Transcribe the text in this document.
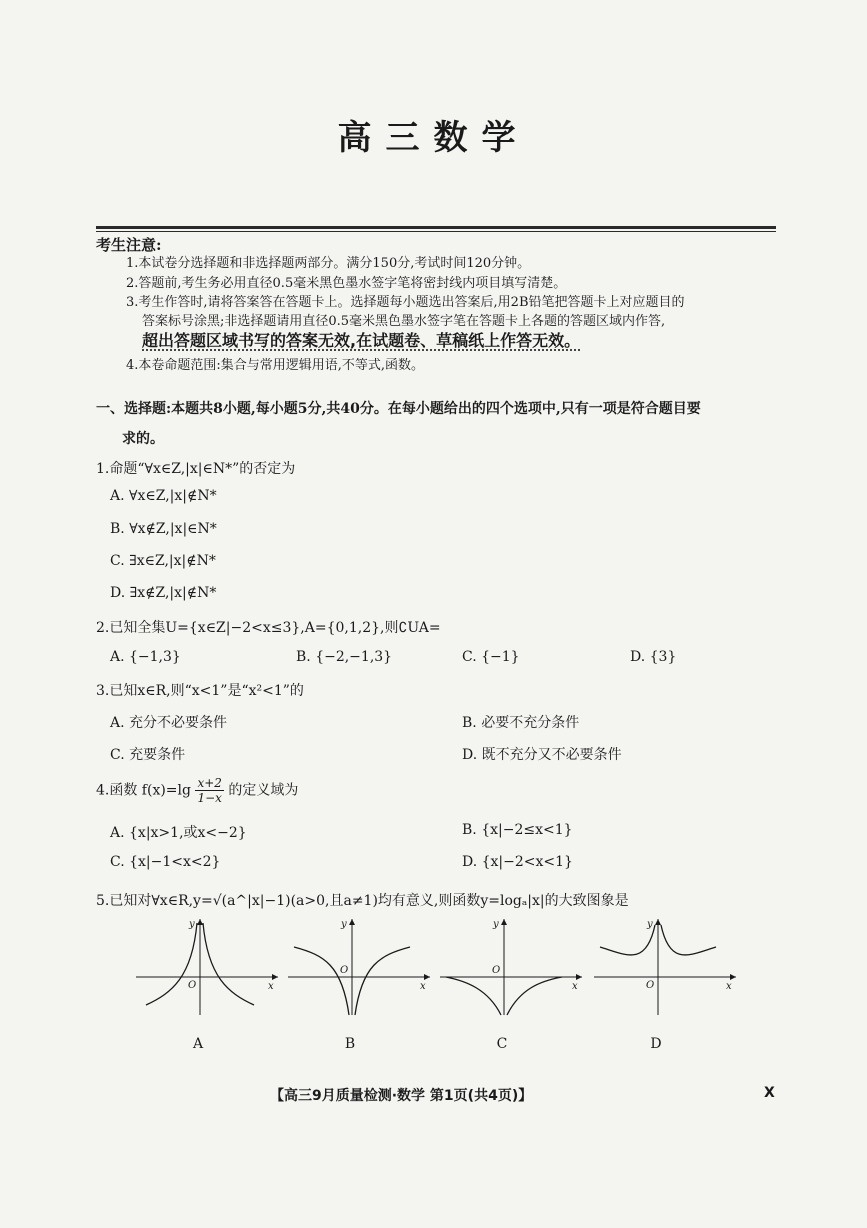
高三数学
考生注意:
1.本试卷分选择题和非选择题两部分。满分150分,考试时间120分钟。
2.答题前,考生务必用直径0.5毫米黑色墨水签字笔将密封线内项目填写清楚。
3.考生作答时,请将答案答在答题卡上。选择题每小题选出答案后,用2B铅笔把答题卡上对应题目的
答案标号涂黑;非选择题请用直径0.5毫米黑色墨水签字笔在答题卡上各题的答题区域内作答,
超出答题区域书写的答案无效,在试题卷、草稿纸上作答无效。
4.本卷命题范围:集合与常用逻辑用语,不等式,函数。
一、选择题:本题共8小题,每小题5分,共40分。在每小题给出的四个选项中,只有一项是符合题目要
求的。
1.命题“∀x∈Z,|x|∈N*”的否定为
A. ∀x∈Z,|x|∉N*
B. ∀x∉Z,|x|∈N*
C. ∃x∈Z,|x|∉N*
D. ∃x∉Z,|x|∉N*
2.已知全集U={x∈Z|−2<x≤3},A={0,1,2},则∁UA=
A. {−1,3}	B. {−2,−1,3}	C. {−1}	D. {3}
3.已知x∈R,则“x<1”是“x²<1”的
A. 充分不必要条件	B. 必要不充分条件
C. 充要条件	D. 既不充分又不必要条件
4.函数 $f(x)=\lg \frac{x+2}{1-x}$ 的定义域为
A. {x|x>1,或x<−2}	B. {x|−2≤x<1}
C. {x|−1<x<2}	D. {x|−2<x<1}
5.已知对∀x∈R,y=√(a^|x|−1)(a>0,且a≠1)均有意义,则函数y=logₐ|x|的大致图象是
y
O	x
A
y
O
x
B
y
O
x
C
y
O	x
D
【高三9月质量检测·数学 第1页(共4页)】	X
